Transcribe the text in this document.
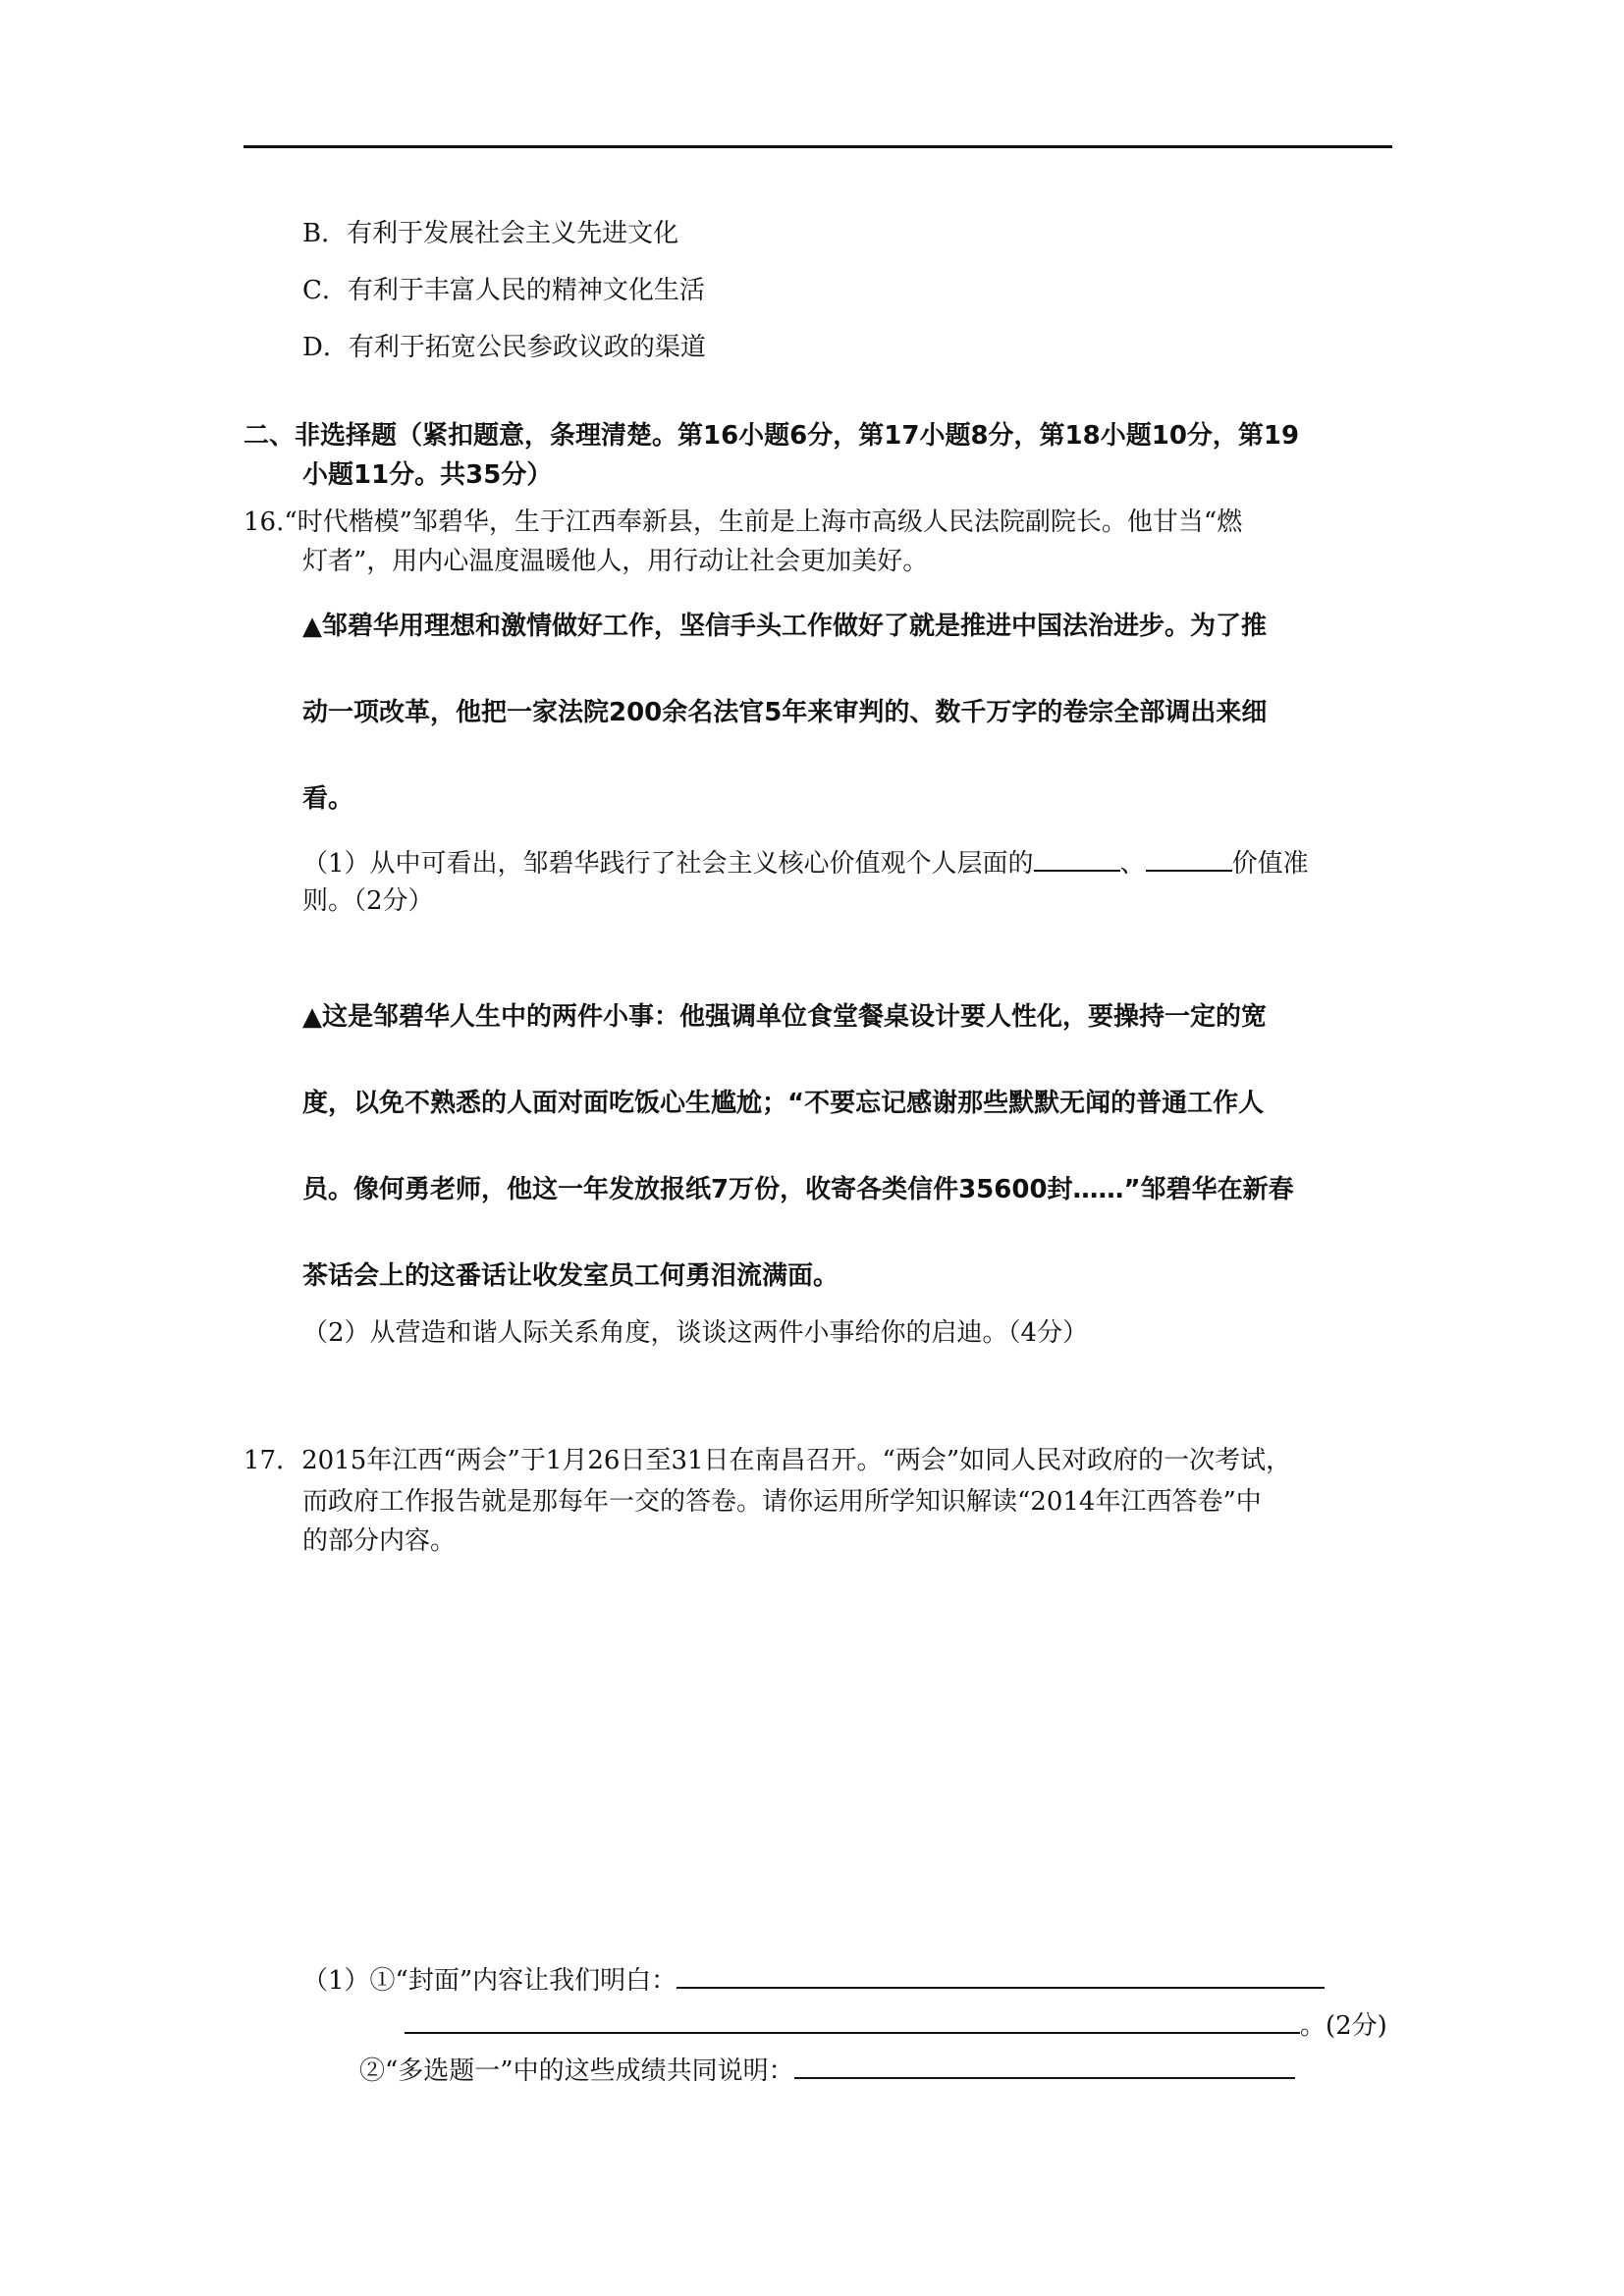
B．有利于发展社会主义先进文化
C．有利于丰富人民的精神文化生活
D．有利于拓宽公民参政议政的渠道
二、非选择题（紧扣题意，条理清楚。第16小题6分，第17小题8分，第18小题10分，第19
小题11分。共35分）
16.“时代楷模”邹碧华，生于江西奉新县，生前是上海市高级人民法院副院长。他甘当“燃
灯者”，用内心温度温暖他人，用行动让社会更加美好。
▲邹碧华用理想和激情做好工作，坚信手头工作做好了就是推进中国法治进步。为了推
动一项改革，他把一家法院200余名法官5年来审判的、数千万字的卷宗全部调出来细
看。
（1）从中可看出，邹碧华践行了社会主义核心价值观个人层面的	、	价值准
则。（2分）
▲这是邹碧华人生中的两件小事：他强调单位食堂餐桌设计要人性化，要操持一定的宽
度，以免不熟悉的人面对面吃饭心生尴尬；“不要忘记感谢那些默默无闻的普通工作人
员。像何勇老师，他这一年发放报纸7万份，收寄各类信件35600封……”邹碧华在新春
茶话会上的这番话让收发室员工何勇泪流满面。
（2）从营造和谐人际关系角度，谈谈这两件小事给你的启迪。（4分）
17．2015年江西“两会”于1月26日至31日在南昌召开。“两会”如同人民对政府的一次考试，
而政府工作报告就是那每年一交的答卷。请你运用所学知识解读“2014年江西答卷”中
的部分内容。
（1）①“封面”内容让我们明白：
。(2分)
②“多选题一”中的这些成绩共同说明：
